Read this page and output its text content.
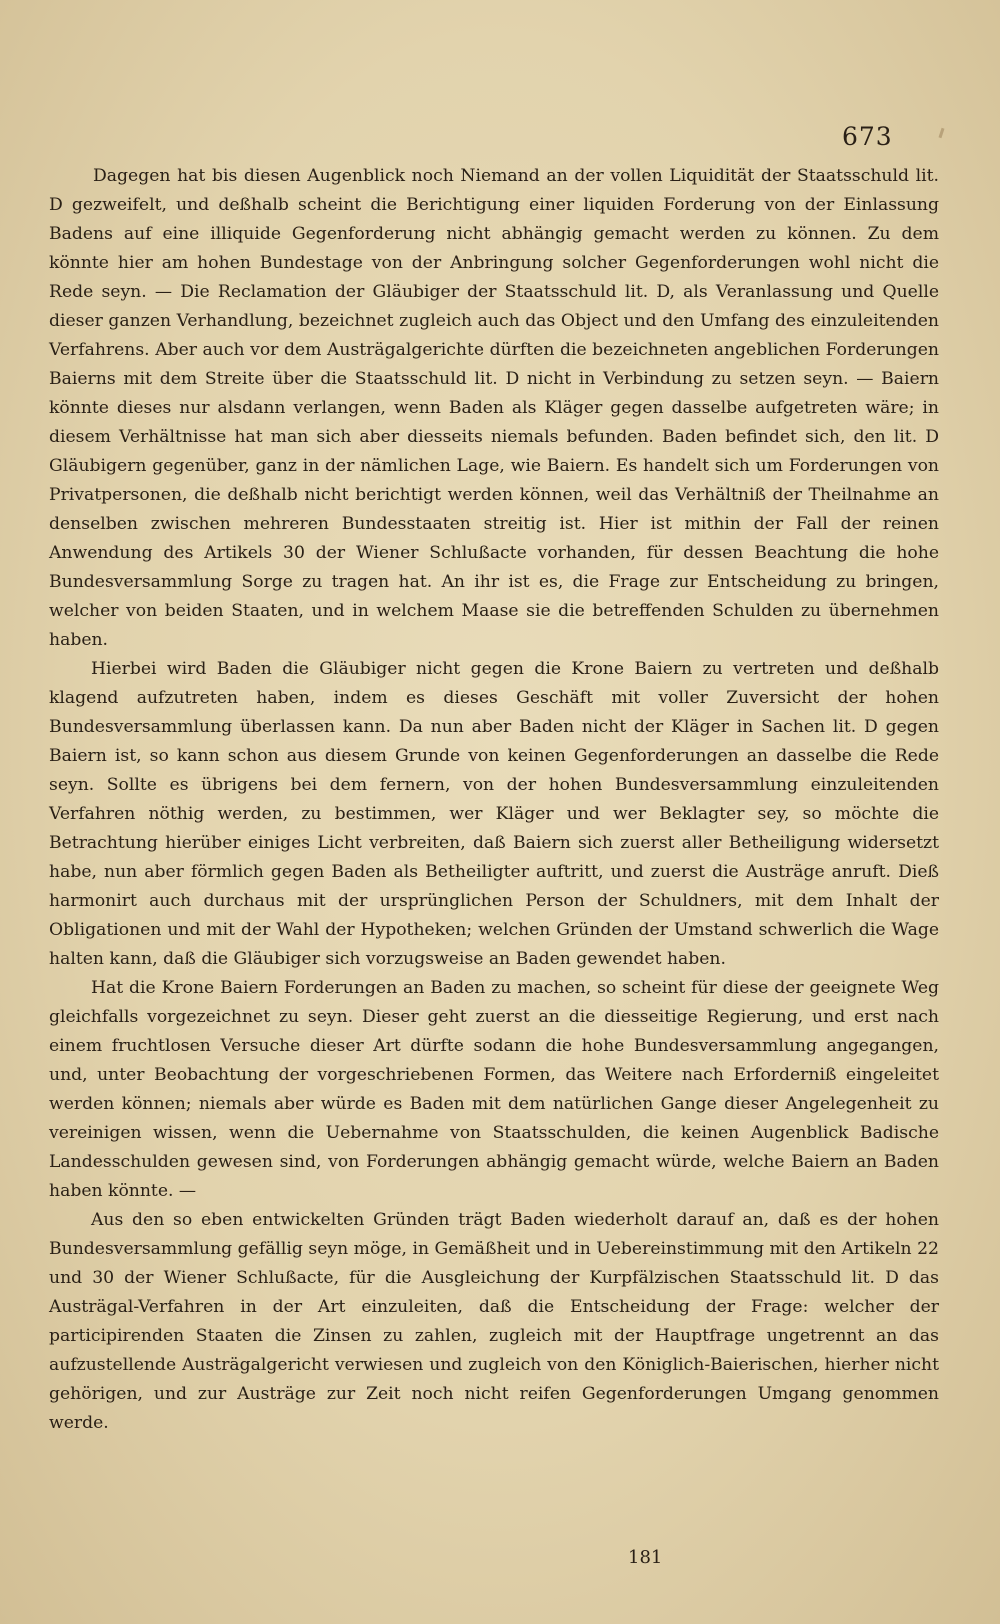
673

Dagegen hat bis diesen Augenblick noch Niemand an der vollen Liquidität der Staatsschuld lit. D gezweifelt, und deßhalb scheint die Berichtigung einer liquiden Forderung von der Einlassung Badens auf eine illiquide Gegenforderung nicht abhängig gemacht werden zu können. Zu dem könnte hier am hohen Bundestage von der Anbringung solcher Gegenforderungen wohl nicht die Rede seyn. — Die Reclamation der Gläubiger der Staatsschuld lit. D, als Veranlassung und Quelle dieser ganzen Verhandlung, bezeichnet zugleich auch das Object und den Umfang des einzuleitenden Verfahrens. Aber auch vor dem Austrägalgerichte dürften die bezeichneten angeblichen Forderungen Baierns mit dem Streite über die Staatsschuld lit. D nicht in Verbindung zu setzen seyn. — Baiern könnte dieses nur alsdann verlangen, wenn Baden als Kläger gegen dasselbe aufgetreten wäre; in diesem Verhältnisse hat man sich aber diesseits niemals befunden. Baden befindet sich, den lit. D Gläubigern gegenüber, ganz in der nämlichen Lage, wie Baiern. Es handelt sich um Forderungen von Privatpersonen, die deßhalb nicht berichtigt werden können, weil das Verhältniß der Theilnahme an denselben zwischen mehreren Bundesstaaten streitig ist. Hier ist mithin der Fall der reinen Anwendung des Artikels 30 der Wiener Schlußacte vorhanden, für dessen Beachtung die hohe Bundesversammlung Sorge zu tragen hat. An ihr ist es, die Frage zur Entscheidung zu bringen, welcher von beiden Staaten, und in welchem Maase sie die betreffenden Schulden zu übernehmen haben.

Hierbei wird Baden die Gläubiger nicht gegen die Krone Baiern zu vertreten und deßhalb klagend aufzutreten haben, indem es dieses Geschäft mit voller Zuversicht der hohen Bundesversammlung überlassen kann. Da nun aber Baden nicht der Kläger in Sachen lit. D gegen Baiern ist, so kann schon aus diesem Grunde von keinen Gegenforderungen an dasselbe die Rede seyn. Sollte es übrigens bei dem fernern, von der hohen Bundesversammlung einzuleitenden Verfahren nöthig werden, zu bestimmen, wer Kläger und wer Beklagter sey, so möchte die Betrachtung hierüber einiges Licht verbreiten, daß Baiern sich zuerst aller Betheiligung widersetzt habe, nun aber förmlich gegen Baden als Betheiligter auftritt, und zuerst die Austräge anruft. Dieß harmonirt auch durchaus mit der ursprünglichen Person der Schuldners, mit dem Inhalt der Obligationen und mit der Wahl der Hypotheken; welchen Gründen der Umstand schwerlich die Wage halten kann, daß die Gläubiger sich vorzugsweise an Baden gewendet haben.

Hat die Krone Baiern Forderungen an Baden zu machen, so scheint für diese der geeignete Weg gleichfalls vorgezeichnet zu seyn. Dieser geht zuerst an die diesseitige Regierung, und erst nach einem fruchtlosen Versuche dieser Art dürfte sodann die hohe Bundesversammlung angegangen, und, unter Beobachtung der vorgeschriebenen Formen, das Weitere nach Erforderniß eingeleitet werden können; niemals aber würde es Baden mit dem natürlichen Gange dieser Angelegenheit zu vereinigen wissen, wenn die Uebernahme von Staatsschulden, die keinen Augenblick Badische Landesschulden gewesen sind, von Forderungen abhängig gemacht würde, welche Baiern an Baden haben könnte. —

Aus den so eben entwickelten Gründen trägt Baden wiederholt darauf an, daß es der hohen Bundesversammlung gefällig seyn möge, in Gemäßheit und in Uebereinstimmung mit den Artikeln 22 und 30 der Wiener Schlußacte, für die Ausgleichung der Kurpfälzischen Staatsschuld lit. D das Austrägal-Verfahren in der Art einzuleiten, daß die Entscheidung der Frage: welcher der participirenden Staaten die Zinsen zu zahlen, zugleich mit der Hauptfrage ungetrennt an das aufzustellende Austrägalgericht verwiesen und zugleich von den Königlich-Baierischen, hierher nicht gehörigen, und zur Austräge zur Zeit noch nicht reifen Gegenforderungen Umgang genommen werde.

181
